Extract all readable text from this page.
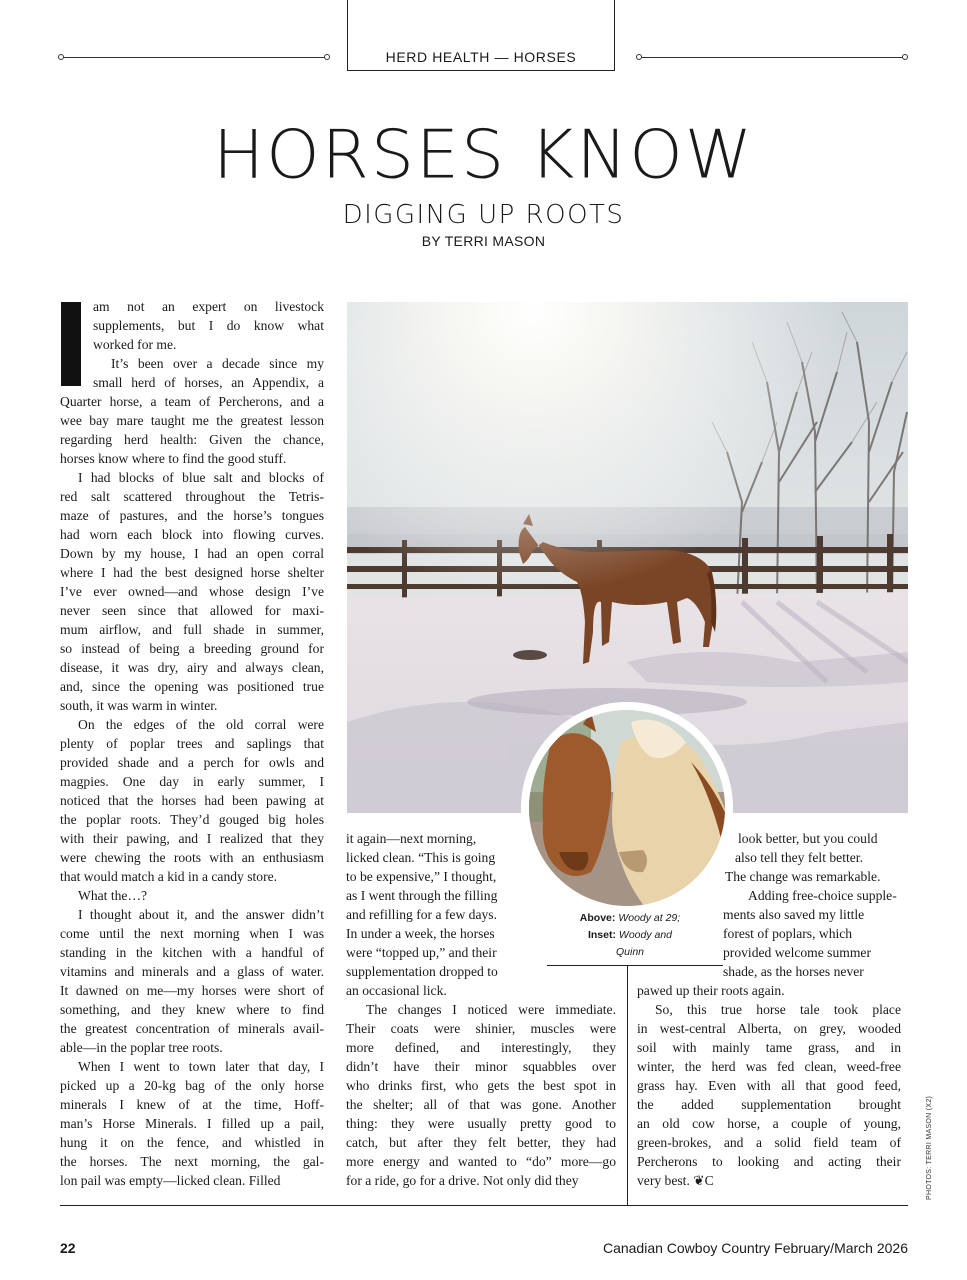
HERD HEALTH — HORSES
HORSES KNOW
DIGGING UP ROOTS
BY TERRI MASON
am not an expert on livestock
supplements, but I do know what
worked for me.
It’s been over a decade since my
small herd of horses, an Appendix, a
Quarter horse, a team of Percherons, and a
wee bay mare taught me the greatest lesson
regarding herd health: Given the chance,
horses know where to find the good stuff.
I had blocks of blue salt and blocks of
red salt scattered throughout the Tetris-
maze of pastures, and the horse’s tongues
had worn each block into flowing curves.
Down by my house, I had an open corral
where I had the best designed horse shelter
I’ve ever owned—and whose design I’ve
never seen since that allowed for maxi-
mum airflow, and full shade in summer,
so instead of being a breeding ground for
disease, it was dry, airy and always clean,
and, since the opening was positioned true
south, it was warm in winter.
On the edges of the old corral were
plenty of poplar trees and saplings that
provided shade and a perch for owls and
magpies. One day in early summer, I
noticed that the horses had been pawing at
the poplar roots. They’d gouged big holes
with their pawing, and I realized that they
were chewing the roots with an enthusiasm
that would match a kid in a candy store.
What the…?
I thought about it, and the answer didn’t
come until the next morning when I was
standing in the kitchen with a handful of
vitamins and minerals and a glass of water.
It dawned on me—my horses were short of
something, and they knew where to find
the greatest concentration of minerals avail-
able—in the poplar tree roots.
When I went to town later that day, I
picked up a 20-kg bag of the only horse
minerals I knew of at the time, Hoff-
man’s Horse Minerals. I filled up a pail,
hung it on the fence, and whistled in
the horses. The next morning, the gal-
lon pail was empty—licked clean. Filled
it again—next morning,
licked clean. “This is going
to be expensive,” I thought,
as I went through the filling
and refilling for a few days.
In under a week, the horses
were “topped up,” and their
supplementation dropped to
an occasional lick.
The changes I noticed were immediate.
Their coats were shinier, muscles were
more defined, and interestingly, they
didn’t have their minor squabbles over
who drinks first, who gets the best spot in
the shelter; all of that was gone. Another
thing: they were usually pretty good to
catch, but after they felt better, they had
more energy and wanted to “do” more—go
for a ride, go for a drive. Not only did they
look better, but you could
also tell they felt better.
The change was remarkable.
Adding free-choice supple-
ments also saved my little
forest of poplars, which
provided welcome summer
shade, as the horses never
pawed up their roots again.
So, this true horse tale took place
in west-central Alberta, on grey, wooded
soil with mainly tame grass, and in
winter, the herd was fed clean, weed-free
grass hay. Even with all that good feed,
the added supplementation brought
an old cow horse, a couple of young,
green-brokes, and a solid field team of
Percherons to looking and acting their
very best. ❦C
Above: Woody at 29;
Inset: Woody and
Quinn
PHOTOS: TERRI MASON (X2)
22	Canadian Cowboy Country February/March 2026
